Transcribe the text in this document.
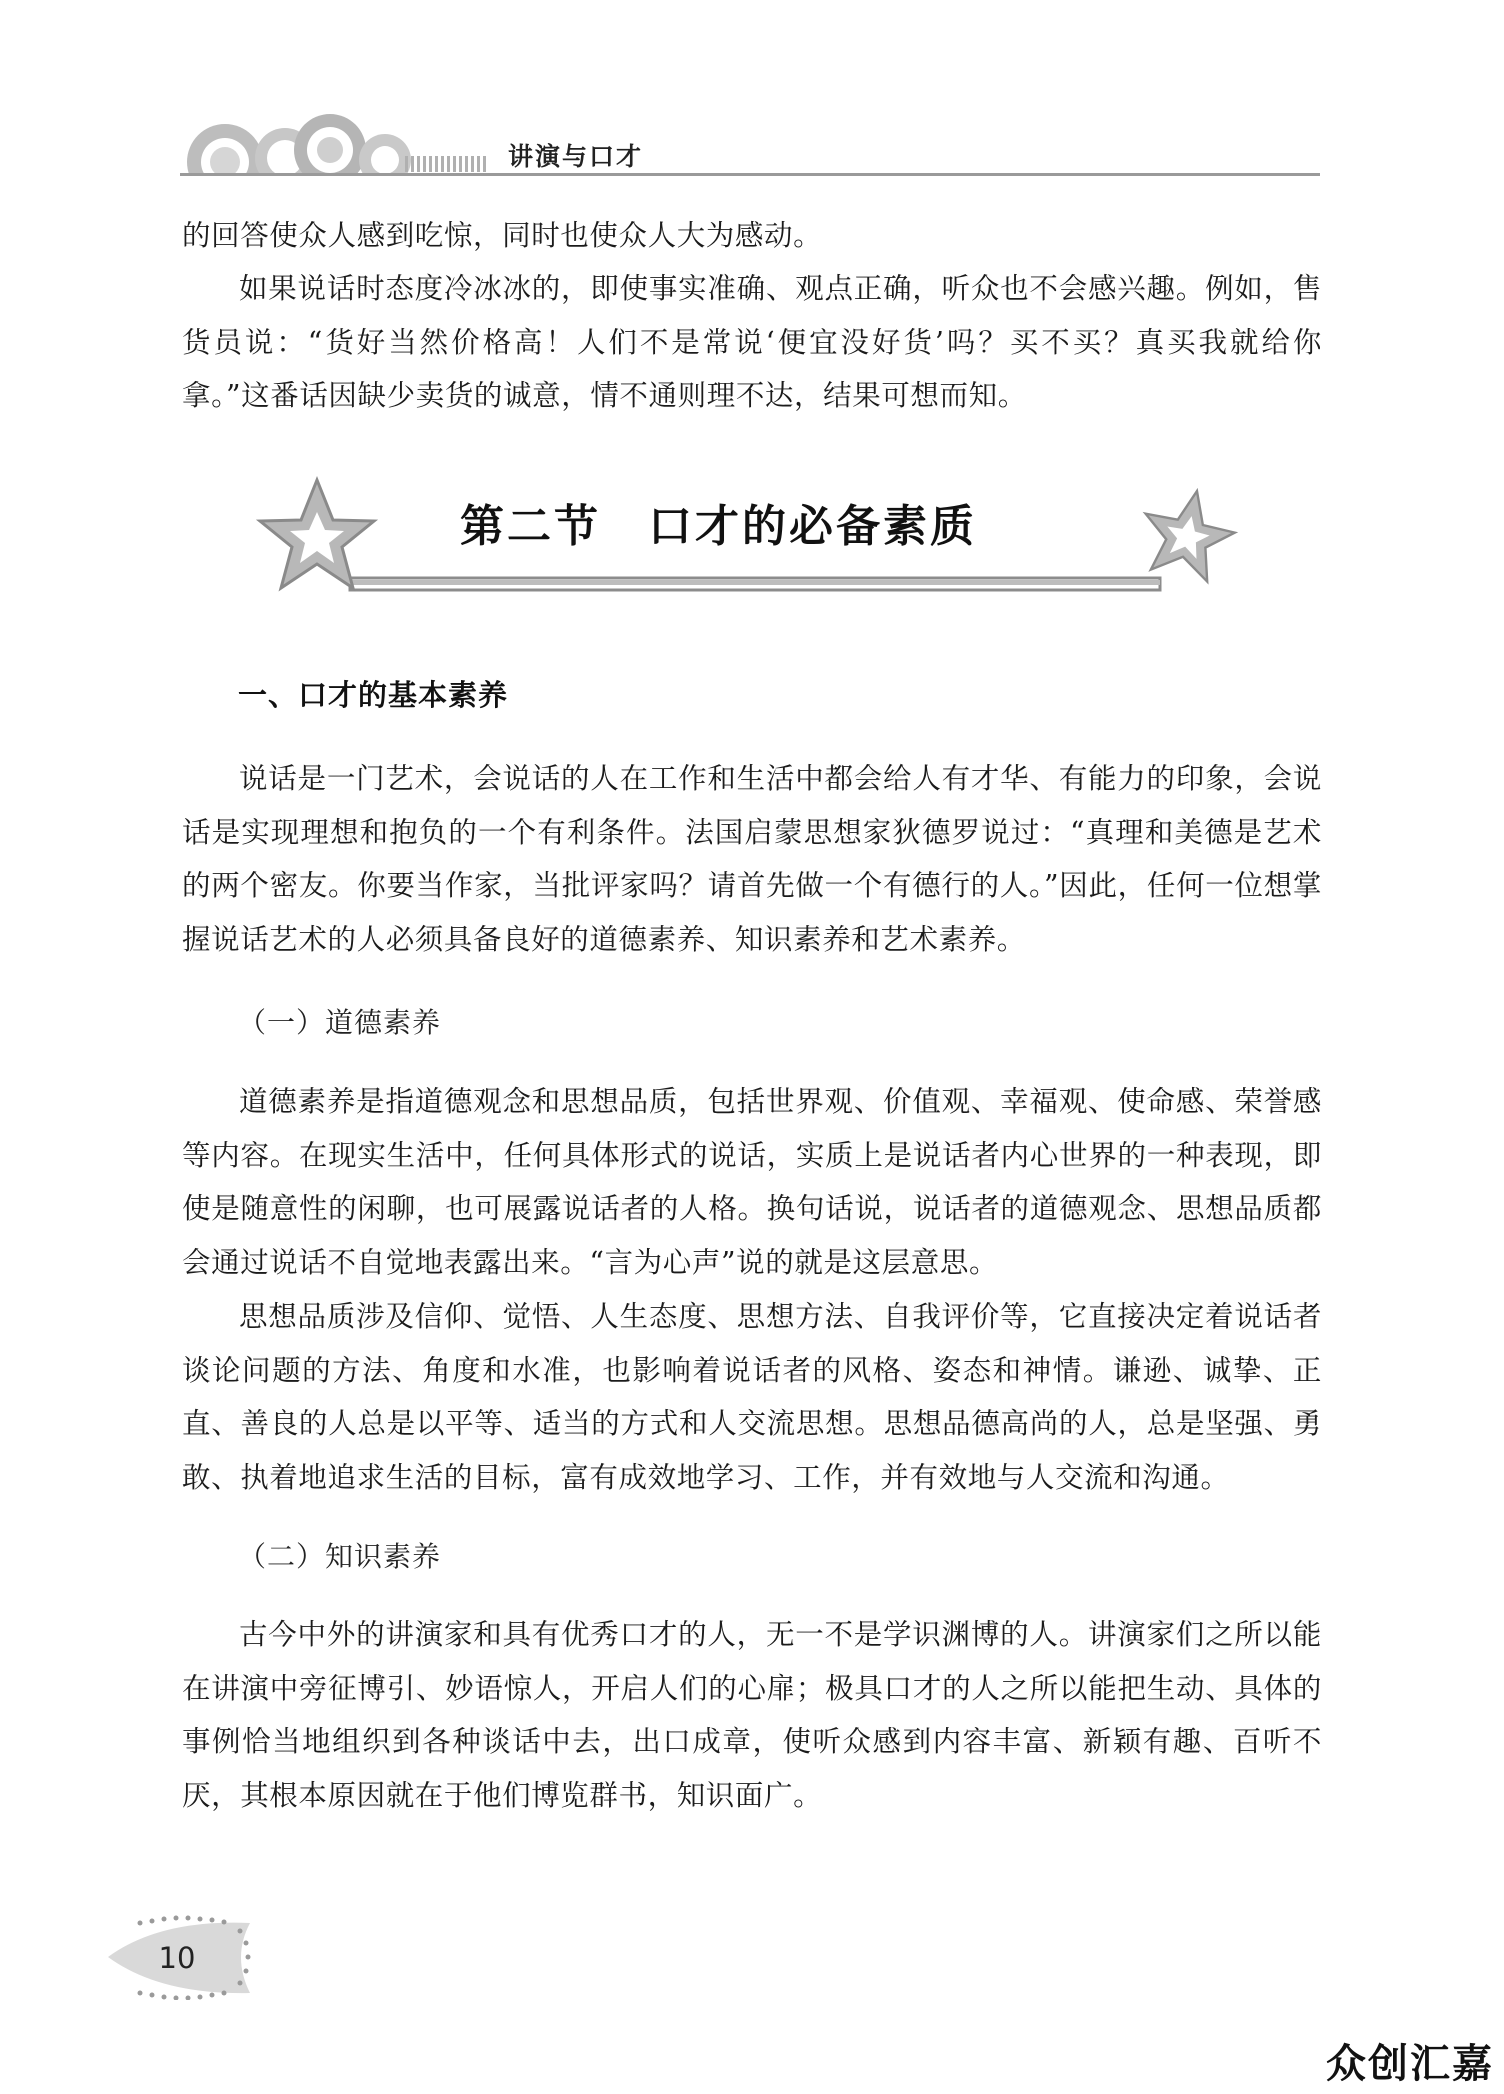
讲演与口才

的回答使众人感到吃惊，同时也使众人大为感动。

如果说话时态度冷冰冰的，即使事实准确、观点正确，听众也不会感兴趣。例如，售货员说：“货好当然价格高！人们不是常说‘便宜没好货’吗？买不买？真买我就给你拿。”这番话因缺少卖货的诚意，情不通则理不达，结果可想而知。

第二节　口才的必备素质
一、口才的基本素养

说话是一门艺术，会说话的人在工作和生活中都会给人有才华、有能力的印象，会说话是实现理想和抱负的一个有利条件。法国启蒙思想家狄德罗说过：“真理和美德是艺术的两个密友。你要当作家，当批评家吗？请首先做一个有德行的人。”因此，任何一位想掌握说话艺术的人必须具备良好的道德素养、知识素养和艺术素养。

（一）道德素养

道德素养是指道德观念和思想品质，包括世界观、价值观、幸福观、使命感、荣誉感等内容。在现实生活中，任何具体形式的说话，实质上是说话者内心世界的一种表现，即使是随意性的闲聊，也可展露说话者的人格。换句话说，说话者的道德观念、思想品质都会通过说话不自觉地表露出来。“言为心声”说的就是这层意思。

思想品质涉及信仰、觉悟、人生态度、思想方法、自我评价等，它直接决定着说话者谈论问题的方法、角度和水准，也影响着说话者的风格、姿态和神情。谦逊、诚挚、正直、善良的人总是以平等、适当的方式和人交流思想。思想品德高尚的人，总是坚强、勇敢、执着地追求生活的目标，富有成效地学习、工作，并有效地与人交流和沟通。

（二）知识素养

古今中外的讲演家和具有优秀口才的人，无一不是学识渊博的人。讲演家们之所以能在讲演中旁征博引、妙语惊人，开启人们的心扉；极具口才的人之所以能把生动、具体的事例恰当地组织到各种谈话中去，出口成章，使听众感到内容丰富、新颖有趣、百听不厌，其根本原因就在于他们博览群书，知识面广。

10
众创汇嘉
